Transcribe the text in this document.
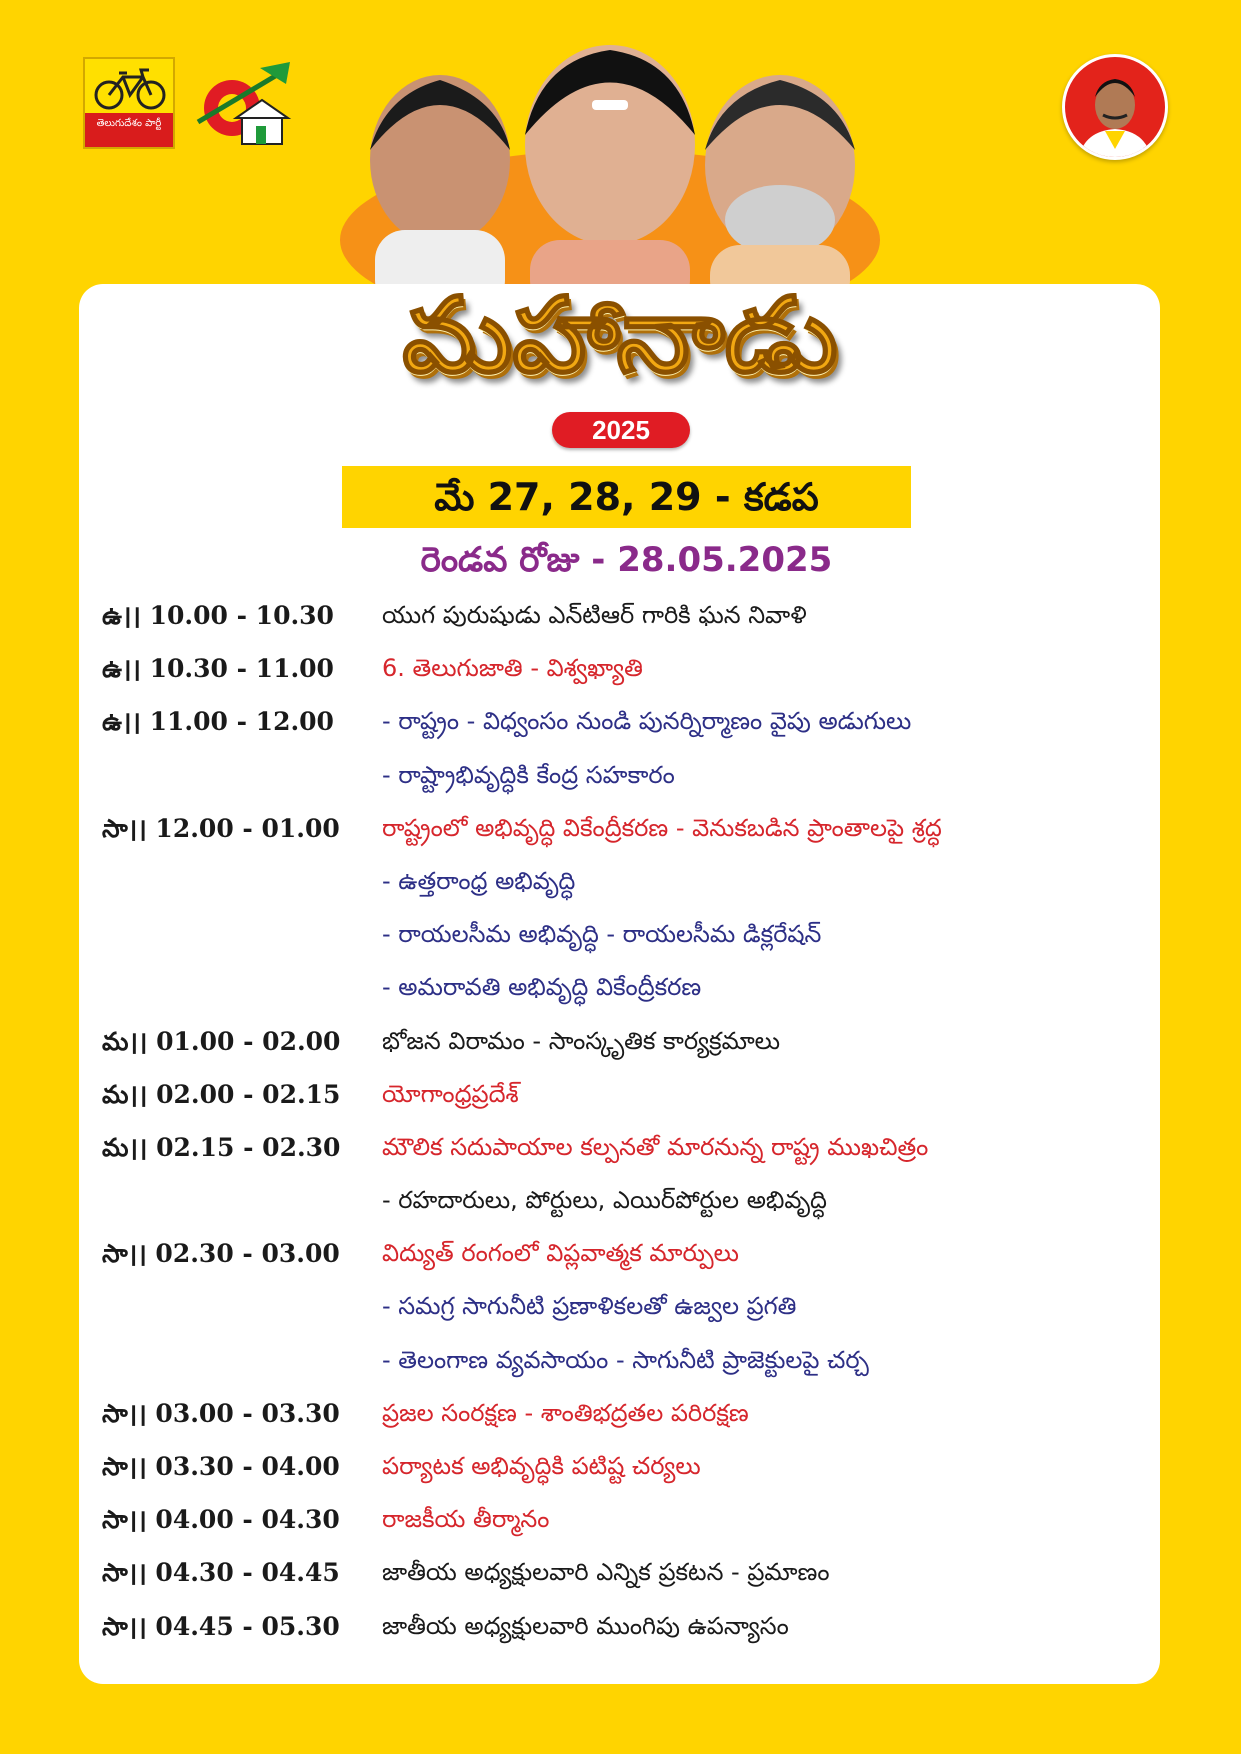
తెలుగుదేశం పార్టీ
మహానాడు
2025
మే 27, 28, 29 - కడప
రెండవ రోజు - 28.05.2025
ఉ।। 10.00 - 10.30	యుగ పురుషుడు ఎన్‌టిఆర్ గారికి ఘన నివాళి
ఉ।। 10.30 - 11.00	6. తెలుగుజాతి - విశ్వఖ్యాతి
ఉ।। 11.00 - 12.00	- రాష్ట్రం - విధ్వంసం నుండి పునర్నిర్మాణం వైపు అడుగులు
- రాష్ట్రాభివృద్ధికి కేంద్ర సహకారం
సా।। 12.00 - 01.00	రాష్ట్రంలో అభివృద్ధి వికేంద్రీకరణ - వెనుకబడిన ప్రాంతాలపై శ్రద్ధ
- ఉత్తరాంధ్ర అభివృద్ధి
- రాయలసీమ అభివృద్ధి - రాయలసీమ డిక్లరేషన్
- అమరావతి అభివృద్ధి వికేంద్రీకరణ
మ।। 01.00 - 02.00	భోజన విరామం - సాంస్కృతిక కార్యక్రమాలు
మ।। 02.00 - 02.15	యోగాంధ్రప్రదేశ్
మ।। 02.15 - 02.30	మౌలిక సదుపాయాల కల్పనతో మారనున్న రాష్ట్ర ముఖచిత్రం
- రహదారులు, పోర్టులు, ఎయిర్‌పోర్టుల అభివృద్ధి
సా।। 02.30 - 03.00	విద్యుత్ రంగంలో విప్లవాత్మక మార్పులు
- సమగ్ర సాగునీటి ప్రణాళికలతో ఉజ్వల ప్రగతి
- తెలంగాణ వ్యవసాయం - సాగునీటి ప్రాజెక్టులపై చర్చ
సా।। 03.00 - 03.30	ప్రజల సంరక్షణ - శాంతిభద్రతల పరిరక్షణ
సా।। 03.30 - 04.00	పర్యాటక అభివృద్ధికి పటిష్ట చర్యలు
సా।। 04.00 - 04.30	రాజకీయ తీర్మానం
సా।। 04.30 - 04.45	జాతీయ అధ్యక్షులవారి ఎన్నిక ప్రకటన - ప్రమాణం
సా।। 04.45 - 05.30	జాతీయ అధ్యక్షులవారి ముంగిపు ఉపన్యాసం
